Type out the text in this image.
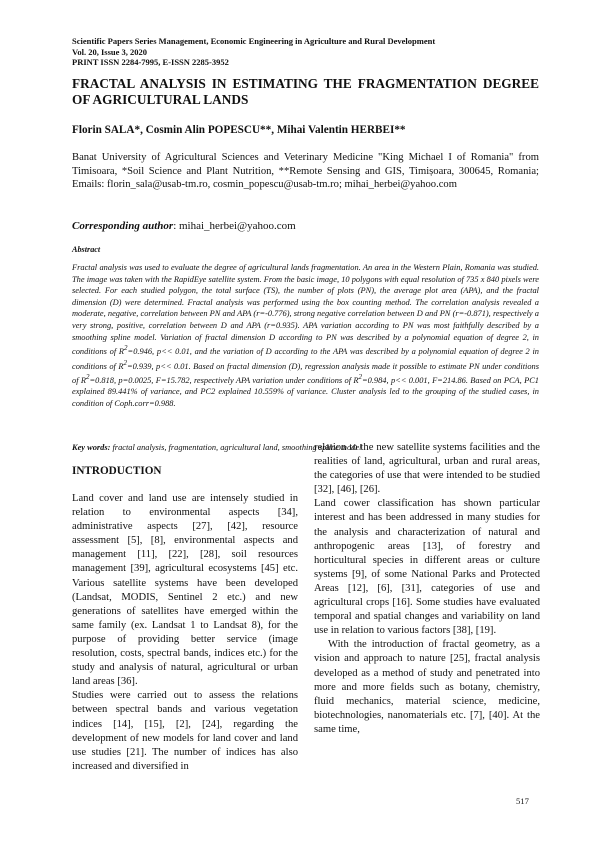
Scientific Papers Series Management, Economic Engineering in Agriculture and Rural Development
Vol. 20, Issue 3, 2020
PRINT ISSN 2284-7995, E-ISSN 2285-3952
FRACTAL ANALYSIS IN ESTIMATING THE FRAGMENTATION DEGREE OF AGRICULTURAL LANDS
Florin SALA*, Cosmin Alin POPESCU**, Mihai Valentin HERBEI**
Banat University of Agricultural Sciences and Veterinary Medicine "King Michael I of Romania" from Timisoara, *Soil Science and Plant Nutrition, **Remote Sensing and GIS, Timișoara, 300645, Romania; Emails: florin_sala@usab-tm.ro, cosmin_popescu@usab-tm.ro; mihai_herbei@yahoo.com
Corresponding author: mihai_herbei@yahoo.com
Abstract
Fractal analysis was used to evaluate the degree of agricultural lands fragmentation. An area in the Western Plain, Romania was studied. The image was taken with the RapidEye satellite system. From the basic image, 10 polygons with equal resolution of 735 x 840 pixels were selected. For each studied polygon, the total surface (TS), the number of plots (PN), the average plot area (APA), and the fractal dimension (D) were determined. Fractal analysis was performed using the box counting method. The correlation analysis revealed a moderate, negative, correlation between PN and APA (r=-0.776), strong negative correlation between D and PN (r=-0.871), respectively a very strong, positive, correlation between D and APA (r=0.935). APA variation according to PN was most faithfully described by a smoothing spline model. Variation of fractal dimension D according to PN was described by a polynomial equation of degree 2, in conditions of $R^2=0.946$, p<< 0.01, and the variation of D according to the APA was described by a polynomial equation of degree 2 in conditions of $R^2=0.939$, p<< 0.01. Based on fractal dimension (D), regression analysis made it possible to estimate PN under conditions of $R^2=0.818$, p=0.0025, F=15.782, respectively APA variation under conditions of $R^2=0.984$, p<< 0.001, F=214.86. Based on PCA, PC1 explained 89.441% of variance, and PC2 explained 10.559% of variance. Cluster analysis led to the grouping of the studied cases, in condition of Coph.corr=0.988.
Key words: fractal analysis, fragmentation, agricultural land, smoothing spline model
INTRODUCTION

Land cover and land use are intensely studied in relation to environmental aspects [34], administrative aspects [27], [42], resource assessment [5], [8], environmental aspects and management [11], [22], [28], soil resources management [39], agricultural ecosystems [45] etc. Various satellite systems have been developed (Landsat, MODIS, Sentinel 2 etc.) and new generations of satellites have emerged within the same family (ex. Landsat 1 to Landsat 8), for the purpose of providing better service (image resolution, costs, spectral bands, indices etc.) for the study and analysis of natural, agricultural or urban land areas [36].

Studies were carried out to assess the relations between spectral bands and various vegetation indices [14], [15], [2], [24], regarding the development of new models for land cover and land use studies [21]. The number of indices has also increased and diversified in

relation to the new satellite systems facilities and the realities of land, agricultural, urban and rural areas, the categories of use that were intended to be studied [32], [46], [26].

Land cower classification has shown particular interest and has been addressed in many studies for the analysis and characterization of natural and anthropogenic areas [13], of forestry and horticultural species in different areas or culture systems [9], of some National Parks and Protected Areas [12], [6], [31], categories of use and agricultural crops [16]. Some studies have evaluated temporal and spatial changes and variability on land use in relation to various factors [38], [19].

With the introduction of fractal geometry, as a vision and approach to nature [25], fractal analysis developed as a method of study and penetrated into more and more fields such as botany, chemistry, fluid mechanics, material science, medicine, biotechnologies, nanomaterials etc. [7], [40]. At the same time,

517
